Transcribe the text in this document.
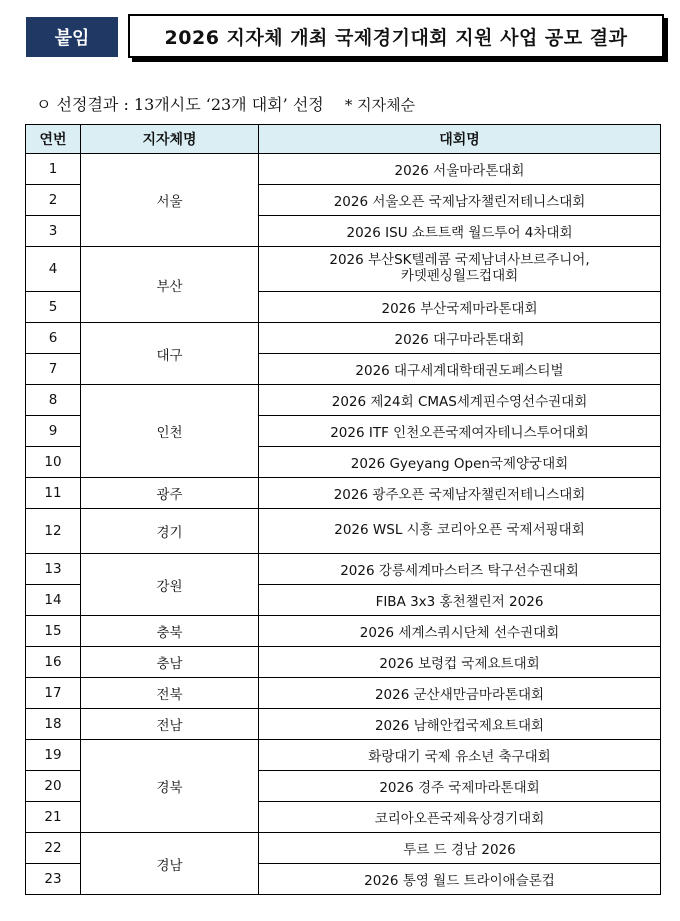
붙임	2026 지자체 개최 국제경기대회 지원 사업 공모 결과
ㅇ 선정결과 : 13개시도 ‘23개 대회’ 선정 * 지자체순
연번	지자체명	대회명
1	서울	2026 서울마라톤대회
2		2026 서울오픈 국제남자챌린저테니스대회
3		2026 ISU 쇼트트랙 월드투어 4차대회
4	부산	2026 부산SK텔레콤 국제남녀사브르주니어,
카뎃펜싱월드컵대회

5		2026 부산국제마라톤대회
6	대구	2026 대구마라톤대회
7		2026 대구세계대학태권도페스티벌
8	인천	2026 제24회 CMAS세계핀수영선수권대회
9		2026 ITF 인천오픈국제여자테니스투어대회
10		2026 Gyeyang Open국제양궁대회
11	광주	2026 광주오픈 국제남자챌린저테니스대회
12	경기	2026 WSL 시흥 코리아오픈 국제서핑대회
13	강원	2026 강릉세계마스터즈 탁구선수권대회
14		FIBA 3x3 홍천챌린저 2026
15	충북	2026 세계스쿼시단체 선수권대회
16	충남	2026 보령컵 국제요트대회
17	전북	2026 군산새만금마라톤대회
18	전남	2026 남해안컵국제요트대회
19	경북	화랑대기 국제 유소년 축구대회
20		2026 경주 국제마라톤대회
21		코리아오픈국제육상경기대회
22	경남	투르 드 경남 2026
23		2026 통영 월드 트라이애슬론컵
